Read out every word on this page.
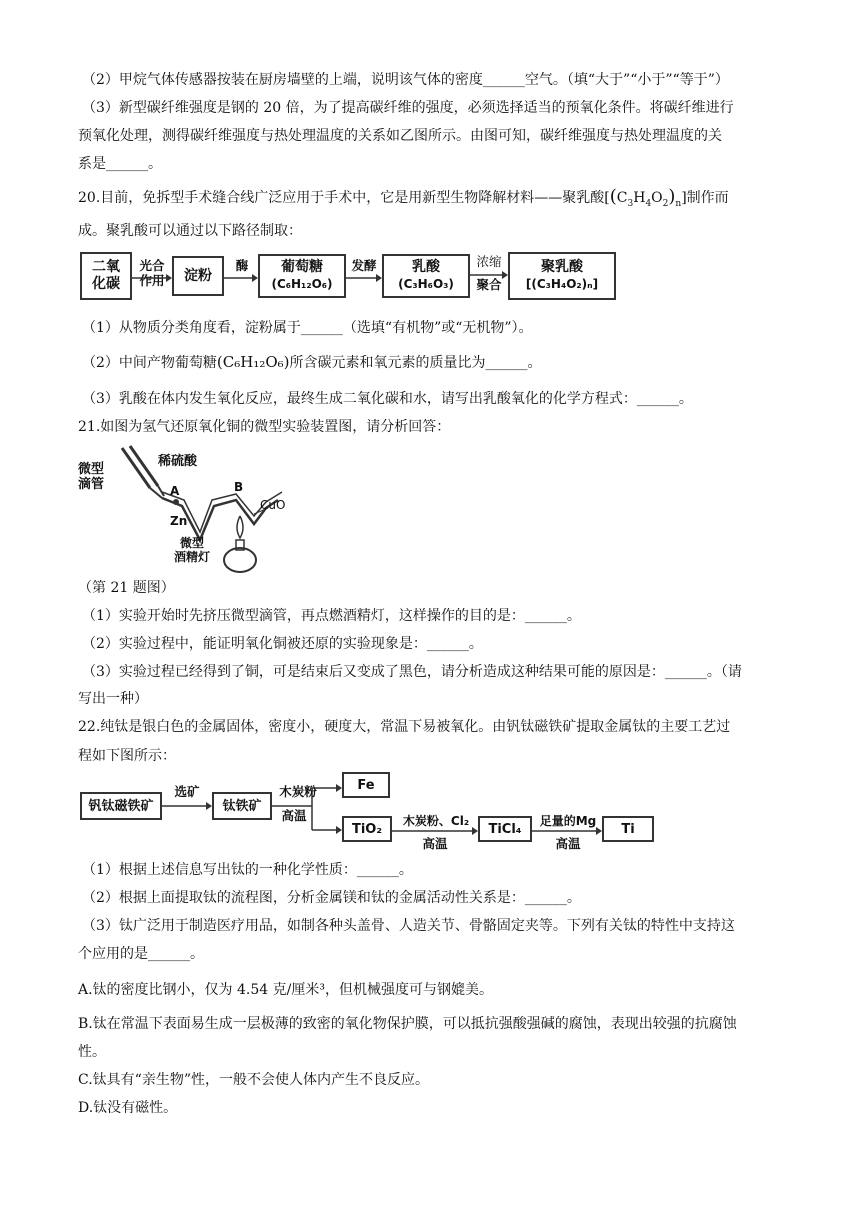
（2）甲烷气体传感器按装在厨房墙壁的上端，说明该气体的密度______空气。（填“大于”“小于”“等于”）
（3）新型碳纤维强度是钢的 20 倍，为了提高碳纤维的强度，必须选择适当的预氧化条件。将碳纤维进行
预氧化处理，测得碳纤维强度与热处理温度的关系如乙图所示。由图可知，碳纤维强度与热处理温度的关
系是______。
20.目前，免拆型手术缝合线广泛应用于手术中，它是用新型生物降解材料——聚乳酸$[(C_3H_4O_2)_n]$制作而
成。聚乳酸可以通过以下路径制取：
二氧
化碳
光合
作用	淀粉
酶	葡萄糖
(C₆H₁₂O₆)
发酵	乳酸
(C₃H₆O₃)
浓缩
聚合
聚乳酸
[(C₃H₄O₂)ₙ]
（1）从物质分类角度看，淀粉属于______（选填“有机物”或“无机物”）。
（2）中间产物葡萄糖(C₆H₁₂O₆)所含碳元素和氧元素的质量比为______。
（3）乳酸在体内发生氧化反应，最终生成二氧化碳和水，请写出乳酸氧化的化学方程式：______。
21.如图为氢气还原氧化铜的微型实验装置图，请分析回答：
微型
滴管
稀硫酸
A	B
Zn
CuO
微型
酒精灯
（第 21 题图）
（1）实验开始时先挤压微型滴管，再点燃酒精灯，这样操作的目的是：______。
（2）实验过程中，能证明氧化铜被还原的实验现象是：______。
（3）实验过程已经得到了铜，可是结束后又变成了黑色，请分析造成这种结果可能的原因是：______。（请
写出一种）
22.纯钛是银白色的金属固体，密度小，硬度大，常温下易被氧化。由钒钛磁铁矿提取金属钛的主要工艺过
程如下图所示：
钒钛磁铁矿
选矿
钛铁矿
木炭粉
高温
Fe
TiO₂
木炭粉、Cl₂
高温
TiCl₄
足量的Mg
高温
Ti
（1）根据上述信息写出钛的一种化学性质：______。
（2）根据上面提取钛的流程图，分析金属镁和钛的金属活动性关系是：______。
（3）钛广泛用于制造医疗用品，如制各种头盖骨、人造关节、骨骼固定夹等。下列有关钛的特性中支持这
个应用的是______。
A.钛的密度比钢小，仅为 4.54 克/厘米³，但机械强度可与钢媲美。
B.钛在常温下表面易生成一层极薄的致密的氧化物保护膜，可以抵抗强酸强碱的腐蚀，表现出较强的抗腐蚀
性。
C.钛具有“亲生物”性，一般不会使人体内产生不良反应。
D.钛没有磁性。
